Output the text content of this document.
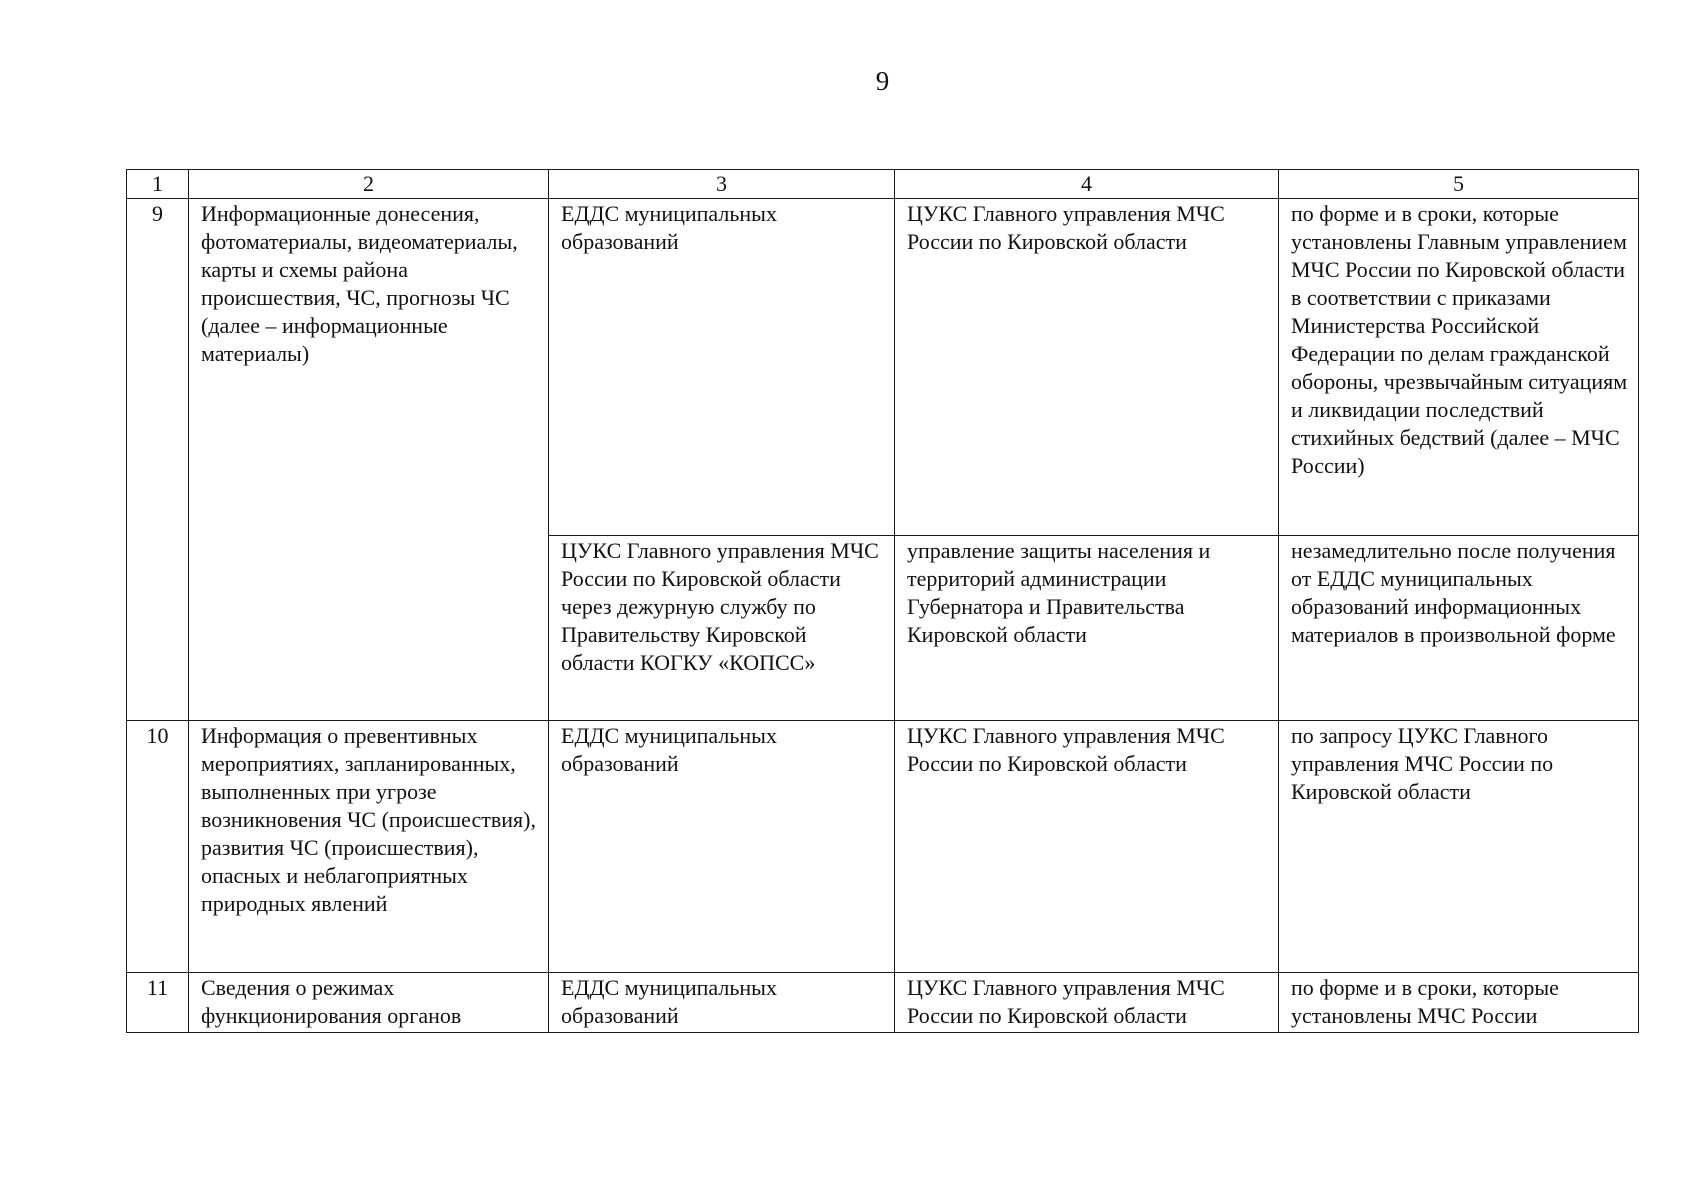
9
1	2	3	4	5
9	Информационные донесения, фотоматериалы, видеоматериалы, карты и схемы района происшествия, ЧС, прогнозы ЧС (далее – информационные материалы)	ЕДДС муниципальных образований	ЦУКС Главного управления МЧС России по Кировской области	по форме и в сроки, которые установлены Главным управлением МЧС России по Кировской области в соответствии с приказами Министерства Российской Федерации по делам гражданской обороны, чрезвычайным ситуациям и ликвидации последствий стихийных бедствий (далее – МЧС России)

		ЦУКС Главного управления МЧС России по Кировской области через дежурную службу по Правительству Кировской области КОГКУ «КОПСС»	управление защиты населения и территорий администрации Губернатора и Правительства Кировской области	незамедлительно после получения от ЕДДС муниципальных образований информационных материалов в произвольной форме

10	Информация о превентивных мероприятиях, запланированных, выполненных при угрозе возникновения ЧС (происшествия), развития ЧС (происшествия), опасных и неблагоприятных природных явлений	ЕДДС муниципальных образований	ЦУКС Главного управления МЧС России по Кировской области	по запросу ЦУКС Главного управления МЧС России по Кировской области

11	Сведения о режимах функционирования органов	ЕДДС муниципальных образований	ЦУКС Главного управления МЧС России по Кировской области	по форме и в сроки, которые установлены МЧС России
